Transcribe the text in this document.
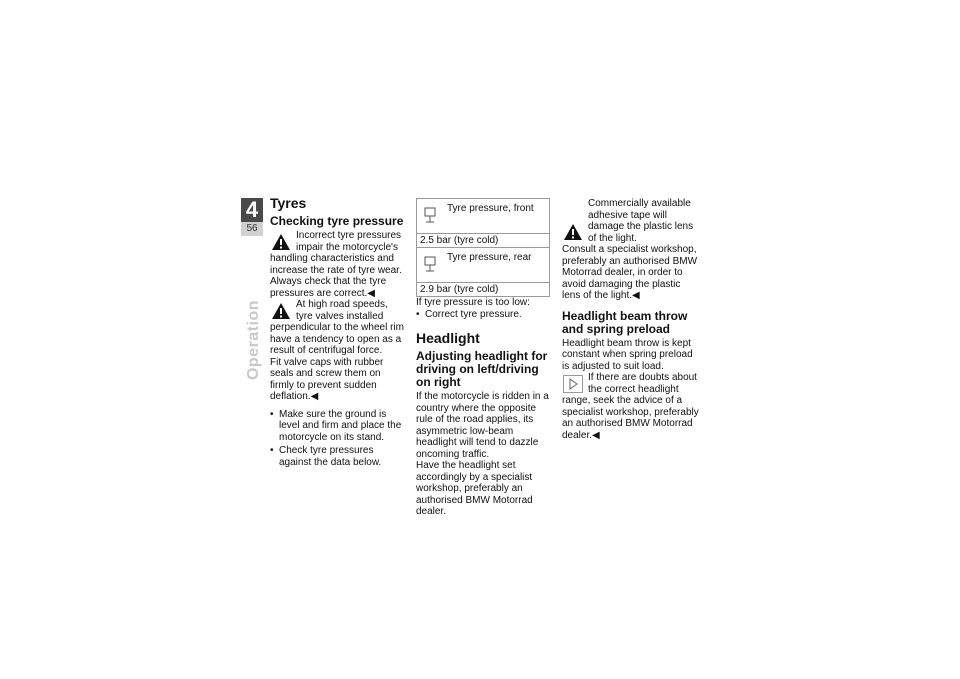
4
56
Operation
Tyres
Checking tyre pressure
Incorrect tyre pressures impair the motorcycle's handling characteristics and increase the rate of tyre wear.

Always check that the tyre pressures are correct.◀

At high road speeds, tyre valves installed perpendicular to the wheel rim have a tendency to open as a result of centrifugal force.

Fit valve caps with rubber seals and screw them on firmly to prevent sudden deflation.◀

• Make sure the ground is level and firm and place the motorcycle on its stand.
• Check tyre pressures against the data below.
Tyre pressure, front
2.5 bar (tyre cold)
Tyre pressure, rear
2.9 bar (tyre cold)

If tyre pressure is too low:

• Correct tyre pressure.
Headlight
Adjusting headlight for driving on left/driving on right

If the motorcycle is ridden in a country where the opposite rule of the road applies, its asymmetric low-beam headlight will tend to dazzle oncoming traffic.

Have the headlight set accordingly by a specialist workshop, preferably an authorised BMW Motorrad dealer.

Commercially available adhesive tape will damage the plastic lens of the light.

Consult a specialist workshop, preferably an authorised BMW Motorrad dealer, in order to avoid damaging the plastic lens of the light.◀

Headlight beam throw and spring preload

Headlight beam throw is kept constant when spring preload is adjusted to suit load.

If there are doubts about the correct headlight range, seek the advice of a specialist workshop, preferably an authorised BMW Motorrad dealer.◀
